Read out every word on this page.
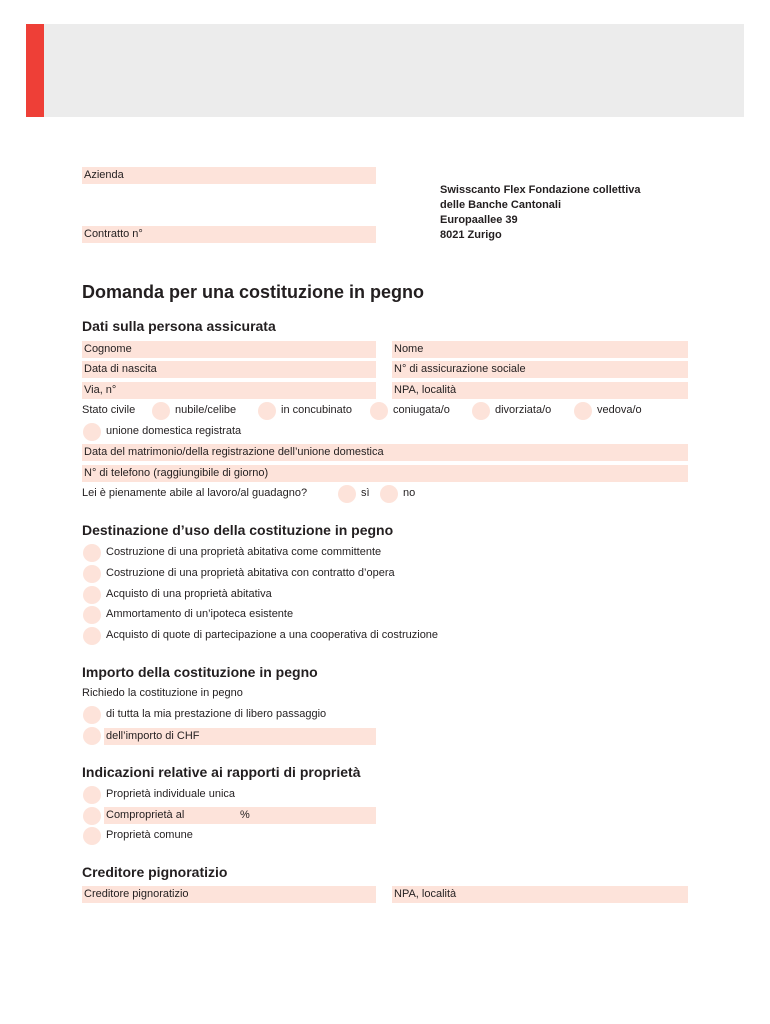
Azienda
Contratto n°
Swisscanto Flex Fondazione collettiva
delle Banche Cantonali
Europaallee 39
8021 Zurigo
Domanda per una costituzione in pegno
Dati sulla persona assicurata
Cognome	Nome
Data di nascita	N° di assicurazione sociale
Via, n°	NPA, località
Stato civile	nubile/celibe	in concubinato	coniugata/o	divorziata/o	vedova/o
unione domestica registrata
Data del matrimonio/della registrazione dell’unione domestica
N° di telefono (raggiungibile di giorno)
Lei è pienamente abile al lavoro/al guadagno?	sì	no
Destinazione d’uso della costituzione in pegno
Costruzione di una proprietà abitativa come committente
Costruzione di una proprietà abitativa con contratto d’opera
Acquisto di una proprietà abitativa
Ammortamento di un’ipoteca esistente
Acquisto di quote di partecipazione a una cooperativa di costruzione
Importo della costituzione in pegno
Richiedo la costituzione in pegno
di tutta la mia prestazione di libero passaggio
dell’importo di CHF
Indicazioni relative ai rapporti di proprietà
Proprietà individuale unica
Comproprietà al	%
Proprietà comune
Creditore pignoratizio
Creditore pignoratizio	NPA, località
